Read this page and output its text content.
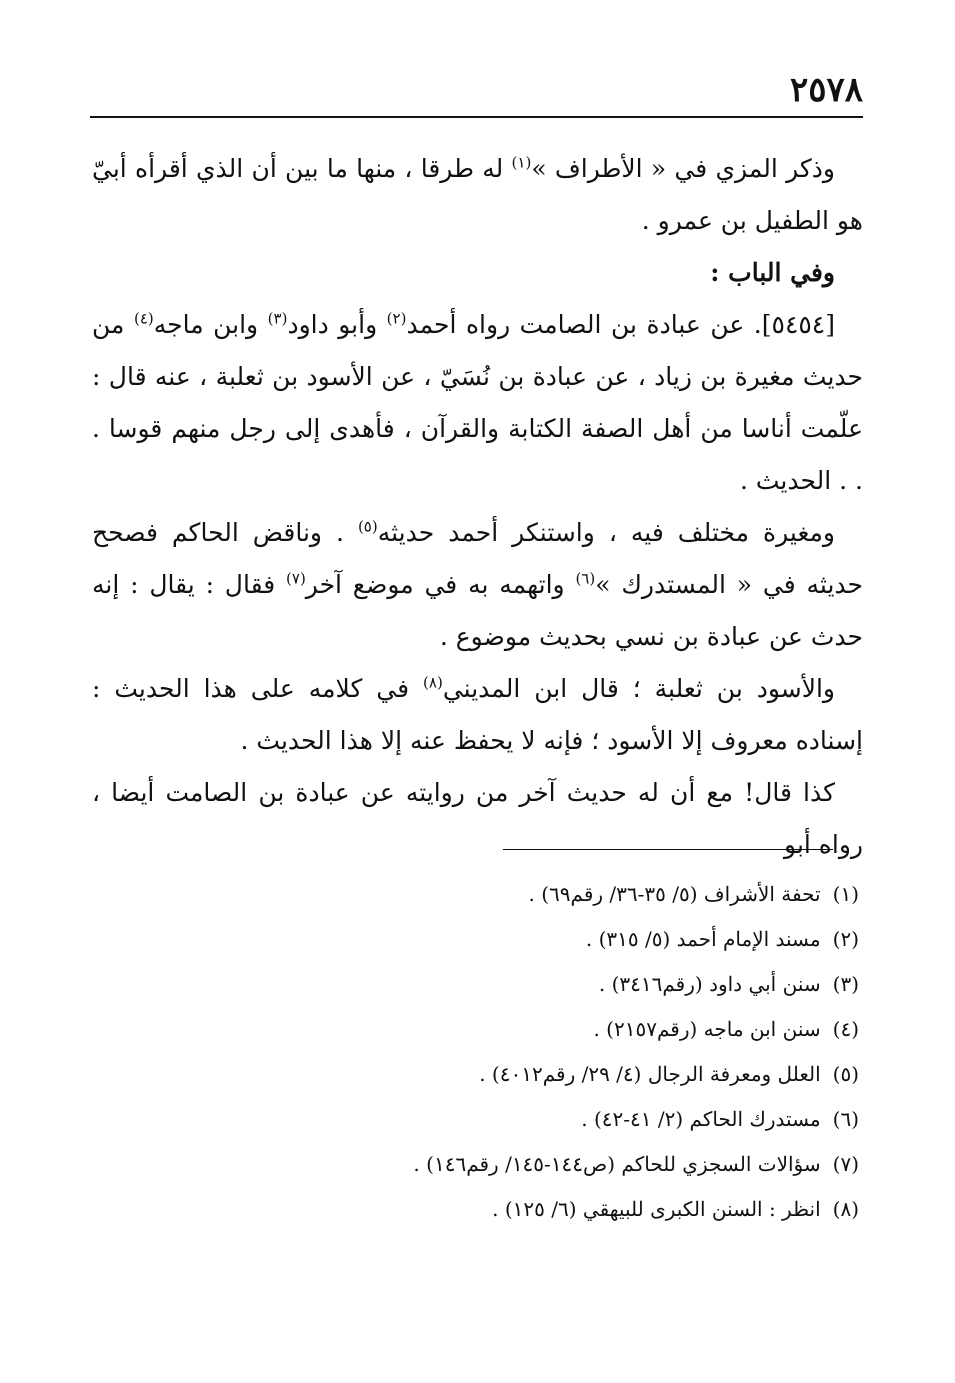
٢٥٧٨

وذكر المزي في « الأطراف »$^{(١)}$ له طرقا ، منها ما بين أن الذي أقرأه أبيّ هو الطفيل بن عمرو .

وفي الباب :

[٥٤٥٤]. عن عبادة بن الصامت رواه أحمد$^{(٢)}$ وأبو داود$^{(٣)}$ وابن ماجه$^{(٤)}$ من حديث مغيرة بن زياد ، عن عبادة بن نُسَيّ ، عن الأسود بن ثعلبة ، عنه قال : علّمت أناسا من أهل الصفة الكتابة والقرآن ، فأهدى إلى رجل منهم قوسا . . . الحديث .

ومغيرة مختلف فيه ، واستنكر أحمد حديثه$^{(٥)}$ . وناقض الحاكم فصحح حديثه في « المستدرك »$^{(٦)}$ واتهمه به في موضع آخر$^{(٧)}$ فقال : يقال : إنه حدث عن عبادة بن نسي بحديث موضوع .

والأسود بن ثعلبة ؛ قال ابن المديني$^{(٨)}$ في كلامه على هذا الحديث : إسناده معروف إلا الأسود ؛ فإنه لا يحفظ عنه إلا هذا الحديث .

كذا قال! مع أن له حديث آخر من روايته عن عبادة بن الصامت أيضا ، رواه أبو

(١)تحفة الأشراف (٥/ ٣٥-٣٦/ رقم٦٩) .

(٢)مسند الإمام أحمد (٥/ ٣١٥) .

(٣)سنن أبي داود (رقم٣٤١٦) .

(٤)سنن ابن ماجه (رقم٢١٥٧) .

(٥)العلل ومعرفة الرجال (٤/ ٢٩/ رقم٤٠١٢) .

(٦)مستدرك الحاكم (٢/ ٤١-٤٢) .

(٧)سؤالات السجزي للحاكم (ص١٤٤-١٤٥/ رقم١٤٦) .

(٨)انظر : السنن الكبرى للبيهقي (٦/ ١٢٥) .
